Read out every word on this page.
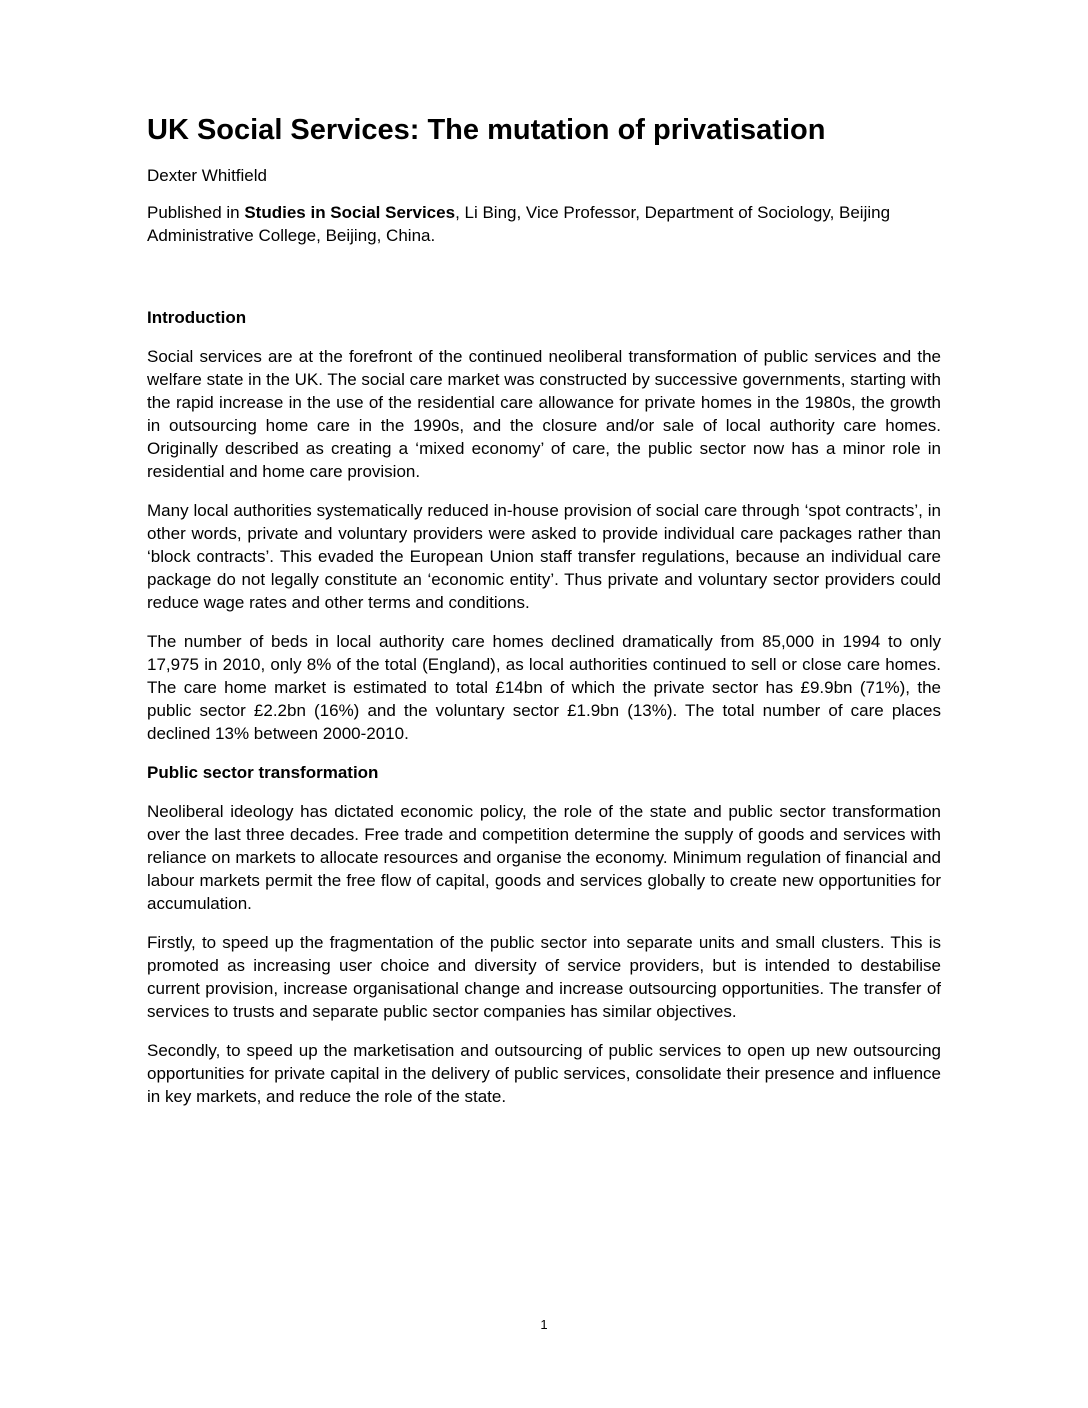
UK Social Services: The mutation of privatisation

Dexter Whitfield

Published in Studies in Social Services, Li Bing, Vice Professor, Department of Sociology, Beijing Administrative College, Beijing, China.

Introduction

Social services are at the forefront of the continued neoliberal transformation of public services and the welfare state in the UK. The social care market was constructed by successive governments, starting with the rapid increase in the use of the residential care allowance for private homes in the 1980s, the growth in outsourcing home care in the 1990s, and the closure and/or sale of local authority care homes. Originally described as creating a ‘mixed economy’ of care, the public sector now has a minor role in residential and home care provision.

Many local authorities systematically reduced in-house provision of social care through ‘spot contracts’, in other words, private and voluntary providers were asked to provide individual care packages rather than ‘block contracts’. This evaded the European Union staff transfer regulations, because an individual care package do not legally constitute an ‘economic entity’. Thus private and voluntary sector providers could reduce wage rates and other terms and conditions.

The number of beds in local authority care homes declined dramatically from 85,000 in 1994 to only 17,975 in 2010, only 8% of the total (England), as local authorities continued to sell or close care homes. The care home market is estimated to total £14bn of which the private sector has £9.9bn (71%), the public sector £2.2bn (16%) and the voluntary sector £1.9bn (13%). The total number of care places declined 13% between 2000-2010.

Public sector transformation

Neoliberal ideology has dictated economic policy, the role of the state and public sector transformation over the last three decades. Free trade and competition determine the supply of goods and services with reliance on markets to allocate resources and organise the economy. Minimum regulation of financial and labour markets permit the free flow of capital, goods and services globally to create new opportunities for accumulation.

Firstly, to speed up the fragmentation of the public sector into separate units and small clusters. This is promoted as increasing user choice and diversity of service providers, but is intended to destabilise current provision, increase organisational change and increase outsourcing opportunities. The transfer of services to trusts and separate public sector companies has similar objectives.

Secondly, to speed up the marketisation and outsourcing of public services to open up new outsourcing opportunities for private capital in the delivery of public services, consolidate their presence and influence in key markets, and reduce the role of the state.

1
